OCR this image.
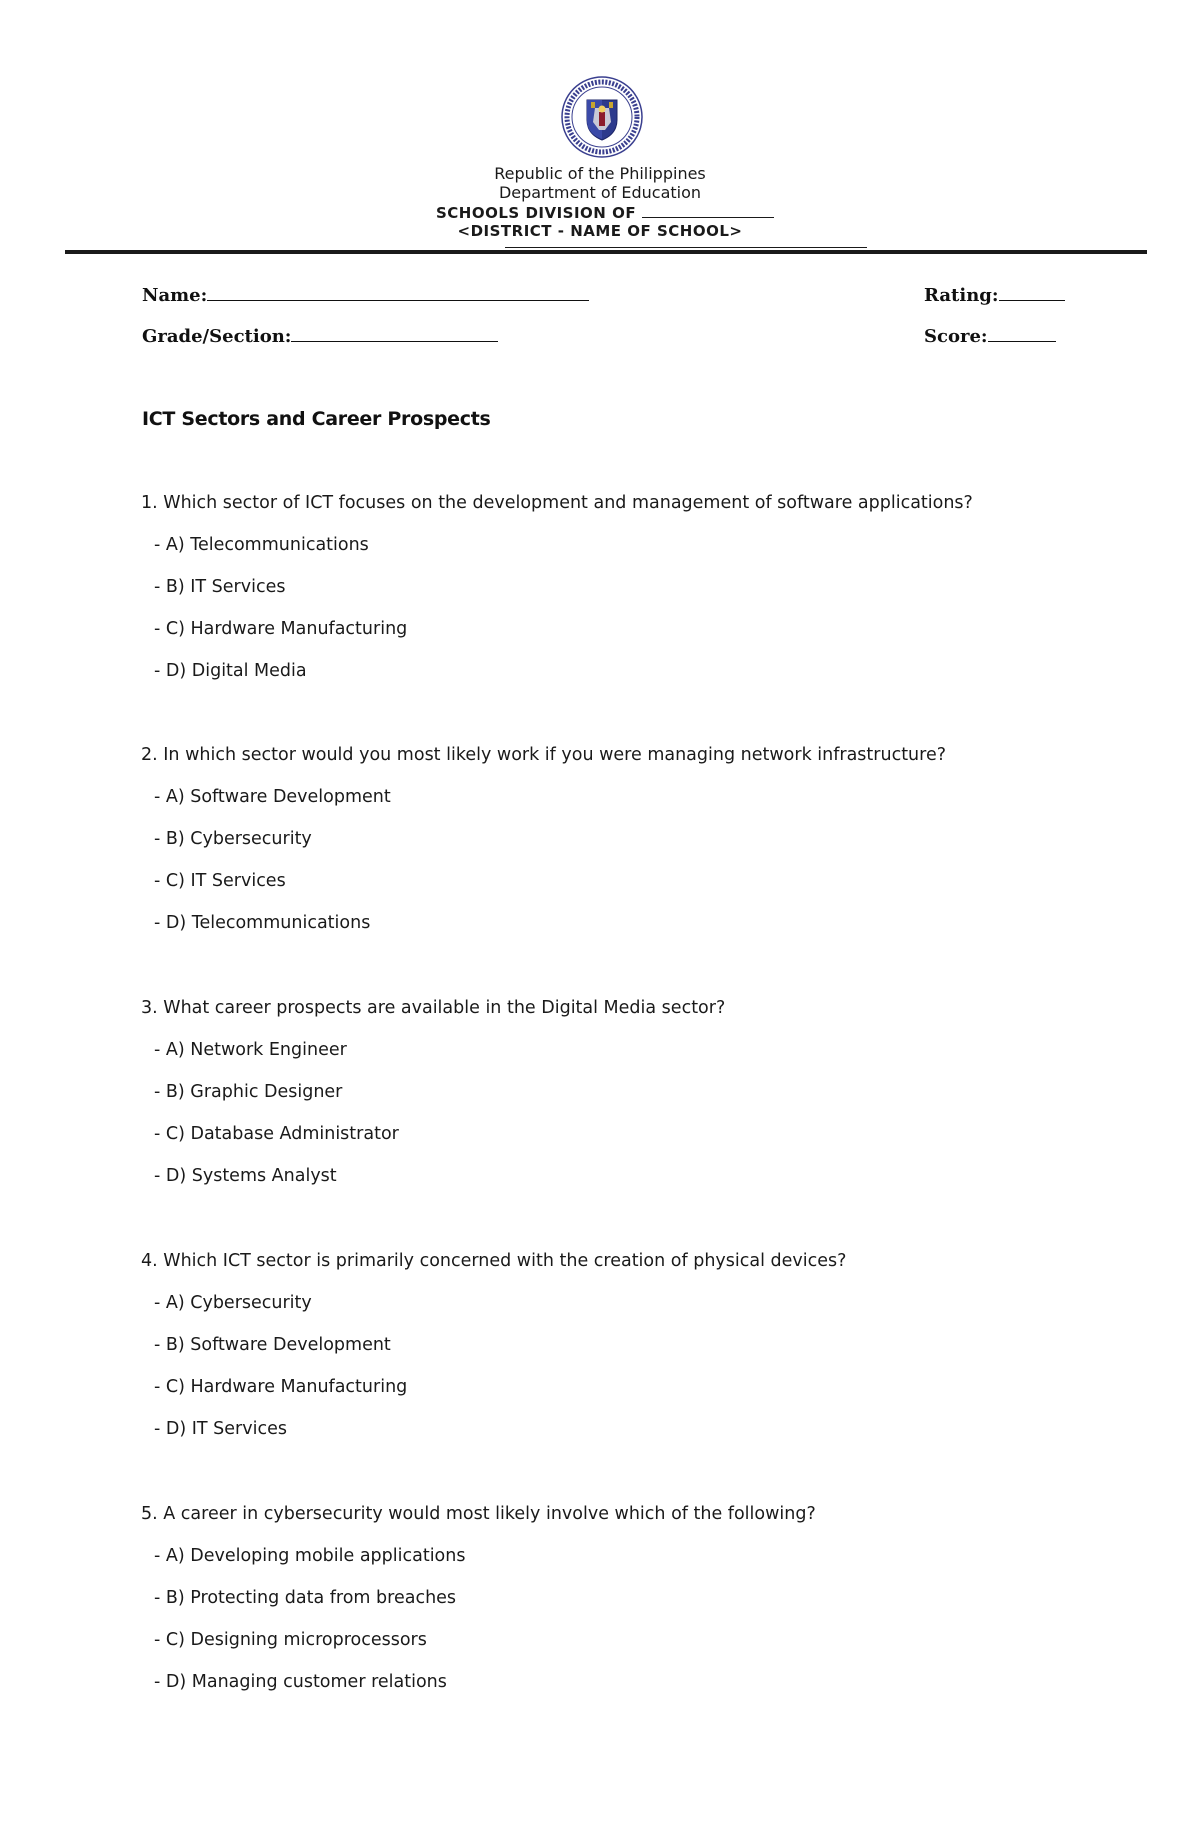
Republic of the Philippines
Department of Education
SCHOOLS DIVISION OF
<DISTRICT - NAME OF SCHOOL>
Name:	Rating:
Grade/Section:	Score:
ICT Sectors and Career Prospects
1. Which sector of ICT focuses on the development and management of software applications?
- A) Telecommunications
- B) IT Services
- C) Hardware Manufacturing
- D) Digital Media
2. In which sector would you most likely work if you were managing network infrastructure?
- A) Software Development
- B) Cybersecurity
- C) IT Services
- D) Telecommunications
3. What career prospects are available in the Digital Media sector?
- A) Network Engineer
- B) Graphic Designer
- C) Database Administrator
- D) Systems Analyst
4. Which ICT sector is primarily concerned with the creation of physical devices?
- A) Cybersecurity
- B) Software Development
- C) Hardware Manufacturing
- D) IT Services
5. A career in cybersecurity would most likely involve which of the following?
- A) Developing mobile applications
- B) Protecting data from breaches
- C) Designing microprocessors
- D) Managing customer relations
